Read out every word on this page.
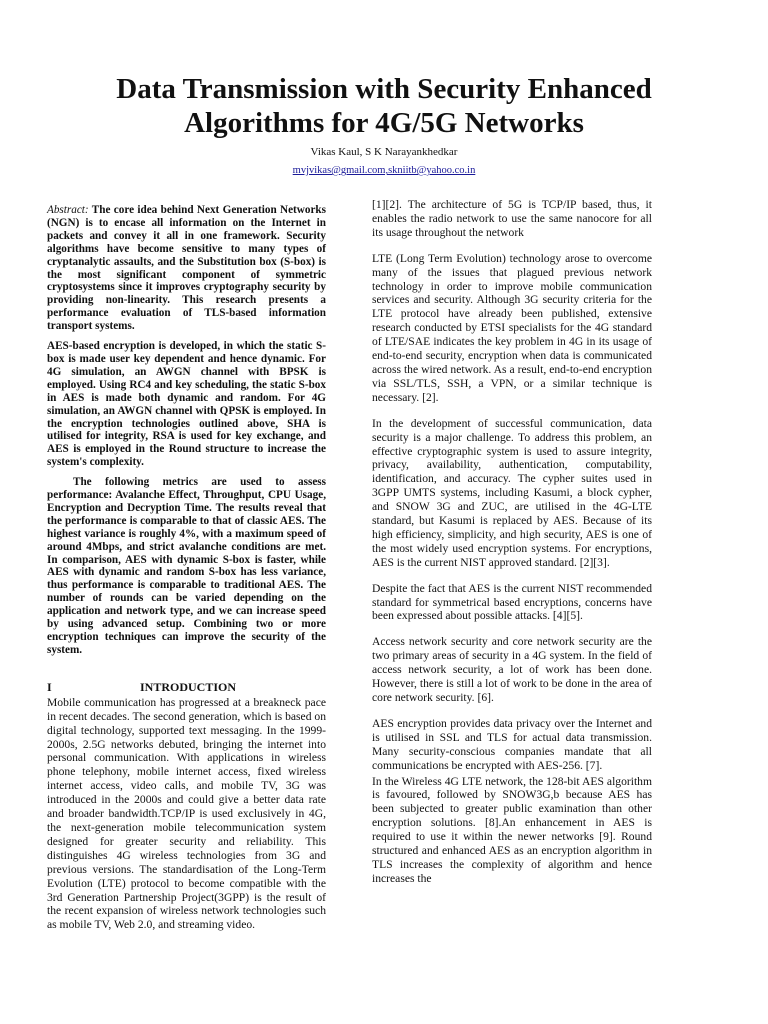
Data Transmission with Security Enhanced
Algorithms for 4G/5G Networks
Vikas Kaul, S K Narayankhedkar
mvjvikas@gmail.com,skniitb@yahoo.co.in

Abstract: The core idea behind Next Generation Networks (NGN) is to encase all information on the Internet in packets and convey it all in one framework. Security algorithms have become sensitive to many types of cryptanalytic assaults, and the Substitution box (S-box) is the most significant component of symmetric cryptosystems since it improves cryptography security by providing non-linearity. This research presents a performance evaluation of TLS-based information transport systems.

AES-based encryption is developed, in which the static S-box is made user key dependent and hence dynamic. For 4G simulation, an AWGN channel with BPSK is employed. Using RC4 and key scheduling, the static S-box in AES is made both dynamic and random. For 4G simulation, an AWGN channel with QPSK is employed. In the encryption technologies outlined above, SHA is utilised for integrity, RSA is used for key exchange, and AES is employed in the Round structure to increase the system's complexity.

The following metrics are used to assess performance: Avalanche Effect, Throughput, CPU Usage, Encryption and Decryption Time. The results reveal that the performance is comparable to that of classic AES. The highest variance is roughly 4%, with a maximum speed of around 4Mbps, and strict avalanche conditions are met. In comparison, AES with dynamic S-box is faster, while AES with dynamic and random S-box has less variance, thus performance is comparable to traditional AES. The number of rounds can be varied depending on the application and network type, and we can increase speed by using advanced setup. Combining two or more encryption techniques can improve the security of the system.

I	INTRODUCTION

Mobile communication has progressed at a breakneck pace in recent decades. The second generation, which is based on digital technology, supported text messaging. In the 1999-2000s, 2.5G networks debuted, bringing the internet into personal communication. With applications in wireless phone telephony, mobile internet access, fixed wireless internet access, video calls, and mobile TV, 3G was introduced in the 2000s and could give a better data rate and broader bandwidth.TCP/IP is used exclusively in 4G, the next-generation mobile telecommunication system designed for greater security and reliability. This distinguishes 4G wireless technologies from 3G and previous versions. The standardisation of the Long-Term Evolution (LTE) protocol to become compatible with the 3rd Generation Partnership Project(3GPP) is the result of the recent expansion of wireless network technologies such as mobile TV, Web 2.0, and streaming video.

[1][2]. The architecture of 5G is TCP/IP based, thus, it enables the radio network to use the same nanocore for all its usage throughout the network

LTE (Long Term Evolution) technology arose to overcome many of the issues that plagued previous network technology in order to improve mobile communication services and security. Although 3G security criteria for the LTE protocol have already been published, extensive research conducted by ETSI specialists for the 4G standard of LTE/SAE indicates the key problem in 4G in its usage of end-to-end security, encryption when data is communicated across the wired network. As a result, end-to-end encryption via SSL/TLS, SSH, a VPN, or a similar technique is necessary. [2].

In the development of successful communication, data security is a major challenge. To address this problem, an effective cryptographic system is used to assure integrity, privacy, availability, authentication, computability, identification, and accuracy. The cypher suites used in 3GPP UMTS systems, including Kasumi, a block cypher, and SNOW 3G and ZUC, are utilised in the 4G-LTE standard, but Kasumi is replaced by AES. Because of its high efficiency, simplicity, and high security, AES is one of the most widely used encryption systems. For encryptions, AES is the current NIST approved standard. [2][3].

Despite the fact that AES is the current NIST recommended standard for symmetrical based encryptions, concerns have been expressed about possible attacks. [4][5].

Access network security and core network security are the two primary areas of security in a 4G system. In the field of access network security, a lot of work has been done. However, there is still a lot of work to be done in the area of core network security. [6].

AES encryption provides data privacy over the Internet and is utilised in SSL and TLS for actual data transmission. Many security-conscious companies mandate that all communications be encrypted with AES-256. [7].

In the Wireless 4G LTE network, the 128-bit AES algorithm is favoured, followed by SNOW3G,b because AES has been subjected to greater public examination than other encryption solutions. [8].An enhancement in AES is required to use it within the newer networks [9]. Round structured and enhanced AES as an encryption algorithm in TLS increases the complexity of algorithm and hence increases the
